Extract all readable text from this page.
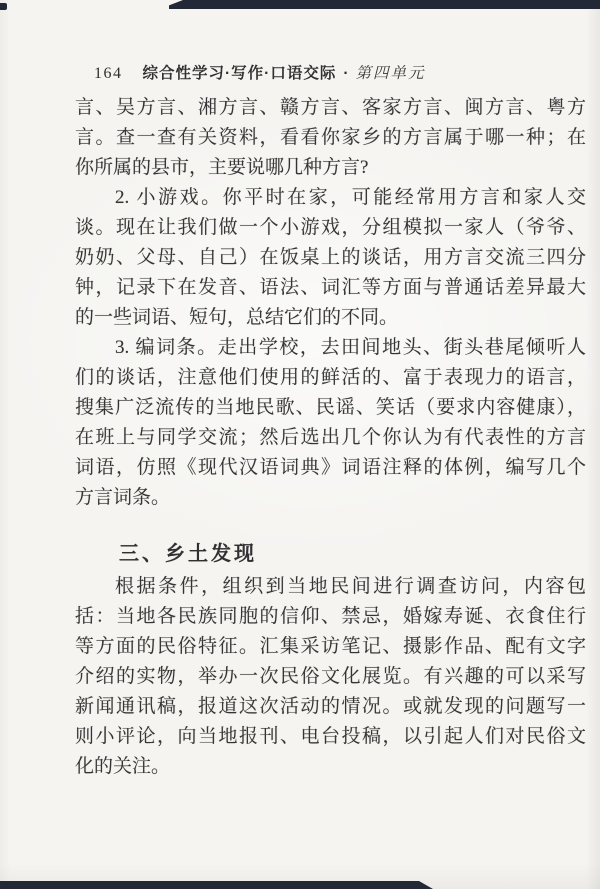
164 综合性学习·写作·口语交际 · 第四单元
言、吴方言、湘方言、赣方言、客家方言、闽方言、粤方
言。查一查有关资料，看看你家乡的方言属于哪一种；在
你所属的县市，主要说哪几种方言?
2. 小游戏。你平时在家，可能经常用方言和家人交
谈。现在让我们做一个小游戏，分组模拟一家人（爷爷、
奶奶、父母、自己）在饭桌上的谈话，用方言交流三四分
钟，记录下在发音、语法、词汇等方面与普通话差异最大
的一些词语、短句，总结它们的不同。
3. 编词条。走出学校，去田间地头、街头巷尾倾听人
们的谈话，注意他们使用的鲜活的、富于表现力的语言，
搜集广泛流传的当地民歌、民谣、笑话（要求内容健康），
在班上与同学交流；然后选出几个你认为有代表性的方言
词语，仿照《现代汉语词典》词语注释的体例，编写几个
方言词条。
三、乡土发现
根据条件，组织到当地民间进行调查访问，内容包
括：当地各民族同胞的信仰、禁忌，婚嫁寿诞、衣食住行
等方面的民俗特征。汇集采访笔记、摄影作品、配有文字
介绍的实物，举办一次民俗文化展览。有兴趣的可以采写
新闻通讯稿，报道这次活动的情况。或就发现的问题写一
则小评论，向当地报刊、电台投稿，以引起人们对民俗文
化的关注。
